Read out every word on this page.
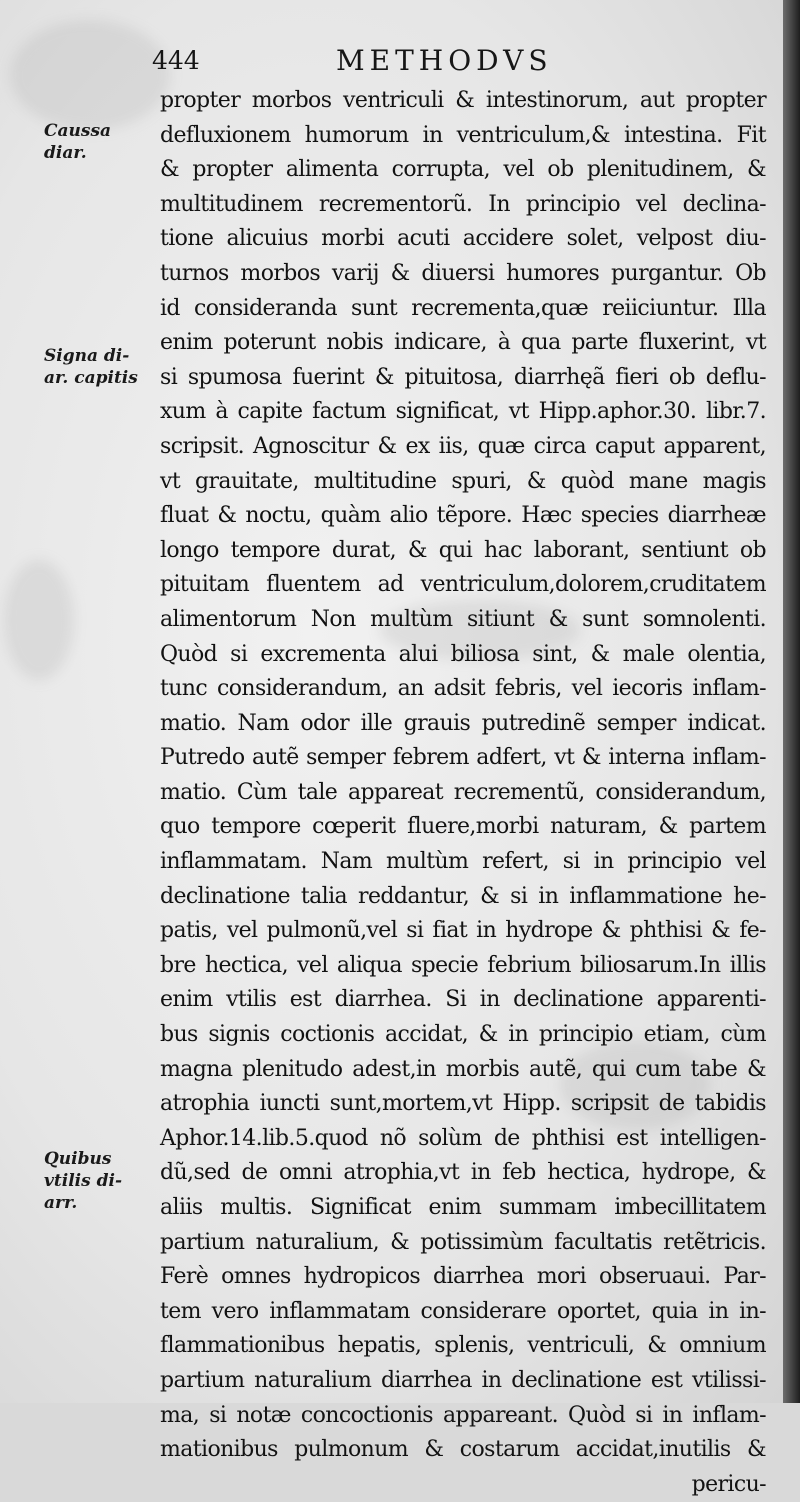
444	METHODVS
Caussa
diar.
Signa di-
ar. capitis
Quibus
vtilis di-
arr.
propter morbos ventriculi & intestinorum, aut propter
defluxionem humorum in ventriculum,& intestina. Fit
& propter alimenta corrupta, vel ob plenitudinem, &
multitudinem recrementorũ. In principio vel declina-
tione alicuius morbi acuti accidere solet, velpost diu-
turnos morbos varij & diuersi humores purgantur. Ob
id consideranda sunt recrementa,quæ reiiciuntur. Illa
enim poterunt nobis indicare, à qua parte fluxerint, vt
si spumosa fuerint & pituitosa, diarrhęã fieri ob deflu-
xum à capite factum significat, vt Hipp.aphor.30. libr.7.
scripsit. Agnoscitur & ex iis, quæ circa caput apparent,
vt grauitate, multitudine spuri, & quòd mane magis
fluat & noctu, quàm alio tẽpore. Hæc species diarrheæ
longo tempore durat, & qui hac laborant, sentiunt ob
pituitam fluentem ad ventriculum,dolorem,cruditatem
alimentorum Non multùm sitiunt & sunt somnolenti.
Quòd si excrementa alui biliosa sint, & male olentia,
tunc considerandum, an adsit febris, vel iecoris inflam-
matio. Nam odor ille grauis putredinẽ semper indicat.
Putredo autẽ semper febrem adfert, vt & interna inflam-
matio. Cùm tale appareat recrementũ, considerandum,
quo tempore cœperit fluere,morbi naturam, & partem
inflammatam. Nam multùm refert, si in principio vel
declinatione talia reddantur, & si in inflammatione he-
patis, vel pulmonũ,vel si fiat in hydrope & phthisi & fe-
bre hectica, vel aliqua specie febrium biliosarum.In illis
enim vtilis est diarrhea. Si in declinatione apparenti-
bus signis coctionis accidat, & in principio etiam, cùm
magna plenitudo adest,in morbis autẽ, qui cum tabe &
atrophia iuncti sunt,mortem,vt Hipp. scripsit de tabidis
Aphor.14.lib.5.quod nõ solùm de phthisi est intelligen-
dũ,sed de omni atrophia,vt in feb hectica, hydrope, &
aliis multis. Significat enim summam imbecillitatem
partium naturalium, & potissimùm facultatis retẽtricis.
Ferè omnes hydropicos diarrhea mori obseruaui. Par-
tem vero inflammatam considerare oportet, quia in in-
flammationibus hepatis, splenis, ventriculi, & omnium
partium naturalium diarrhea in declinatione est vtilissi-
ma, si notæ concoctionis appareant. Quòd si in inflam-
mationibus pulmonum & costarum accidat,inutilis &
pericu-
